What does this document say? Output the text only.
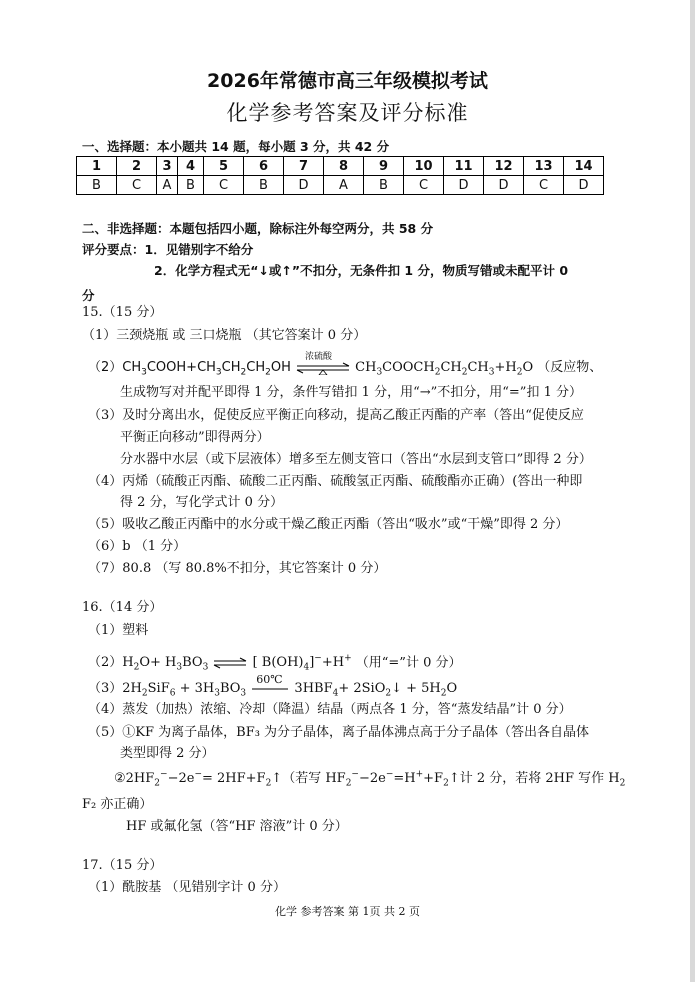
2026年常德市高三年级模拟考试
化学参考答案及评分标准
一、选择题：本小题共 14 题，每小题 3 分，共 42 分
1	2	3	4	5	6	7	8	9	10	11	12	13	14
B	C	A	B	C	B	D	A	B	C	D	D	C	D
二、非选择题：本题包括四小题，除标注外每空两分，共 58 分
评分要点：1．见错别字不给分
2．化学方程式无“↓或↑”不扣分，无条件扣 1 分，物质写错或未配平计 0
分
15.（15 分）
（1）三颈烧瓶 或 三口烧瓶 （其它答案计 0 分）
$(2)CH_3COOH+CH_3CH_2CH_2OH$
浓硫酸
$CH_3COOCH_2CH_2CH_3+H_2O$ （反应物、
生成物写对并配平即得 1 分，条件写错扣 1 分，用“→”不扣分，用“=”扣 1 分）
（3）及时分离出水，促使反应平衡正向移动，提高乙酸正丙酯的产率（答出“促使反应
平衡正向移动”即得两分）
分水器中水层（或下层液体）增多至左侧支管口（答出“水层到支管口”即得 2 分）
（4）丙烯（硫酸正丙酯、硫酸二正丙酯、硫酸氢正丙酯、硫酸酯亦正确）(答出一种即
得 2 分，写化学式计 0 分）
（5）吸收乙酸正丙酯中的水分或干燥乙酸正丙酯（答出“吸水”或“干燥”即得 2 分）
（6）b （1 分）
（7）80.8 （写 80.8%不扣分，其它答案计 0 分）
16.（14 分）
（1）塑料
$(2)H_2O+ H_3BO_3$ ⇌ [ $B(OH)_4]^-+H^+$ （用“=”计 0 分）
$(3)2H_2SiF_6 + 3H_3BO_3$
60℃
$3HBF_4+$ 2SiO$_2$↓ + $5H_2O$
（4）蒸发（加热）浓缩、冷却（降温）结晶（两点各 1 分，答“蒸发结晶”计 0 分）
（5）①KF 为离子晶体，BF₃ 为分子晶体，离子晶体沸点高于分子晶体（答出各自晶体
类型即得 2 分）
$②2HF_2^--2e^-=$ $2HF+F_2↑$（若写 $HF_2^--2e^-=H^++F_2↑$计 2 分，若将 2HF 写作 $H_2$
F₂ 亦正确）
HF 或氟化氢（答“HF 溶液”计 0 分）
17.（15 分）
（1）酰胺基 （见错别字计 0 分）
化学 参考答案 第 1页 共 2 页
